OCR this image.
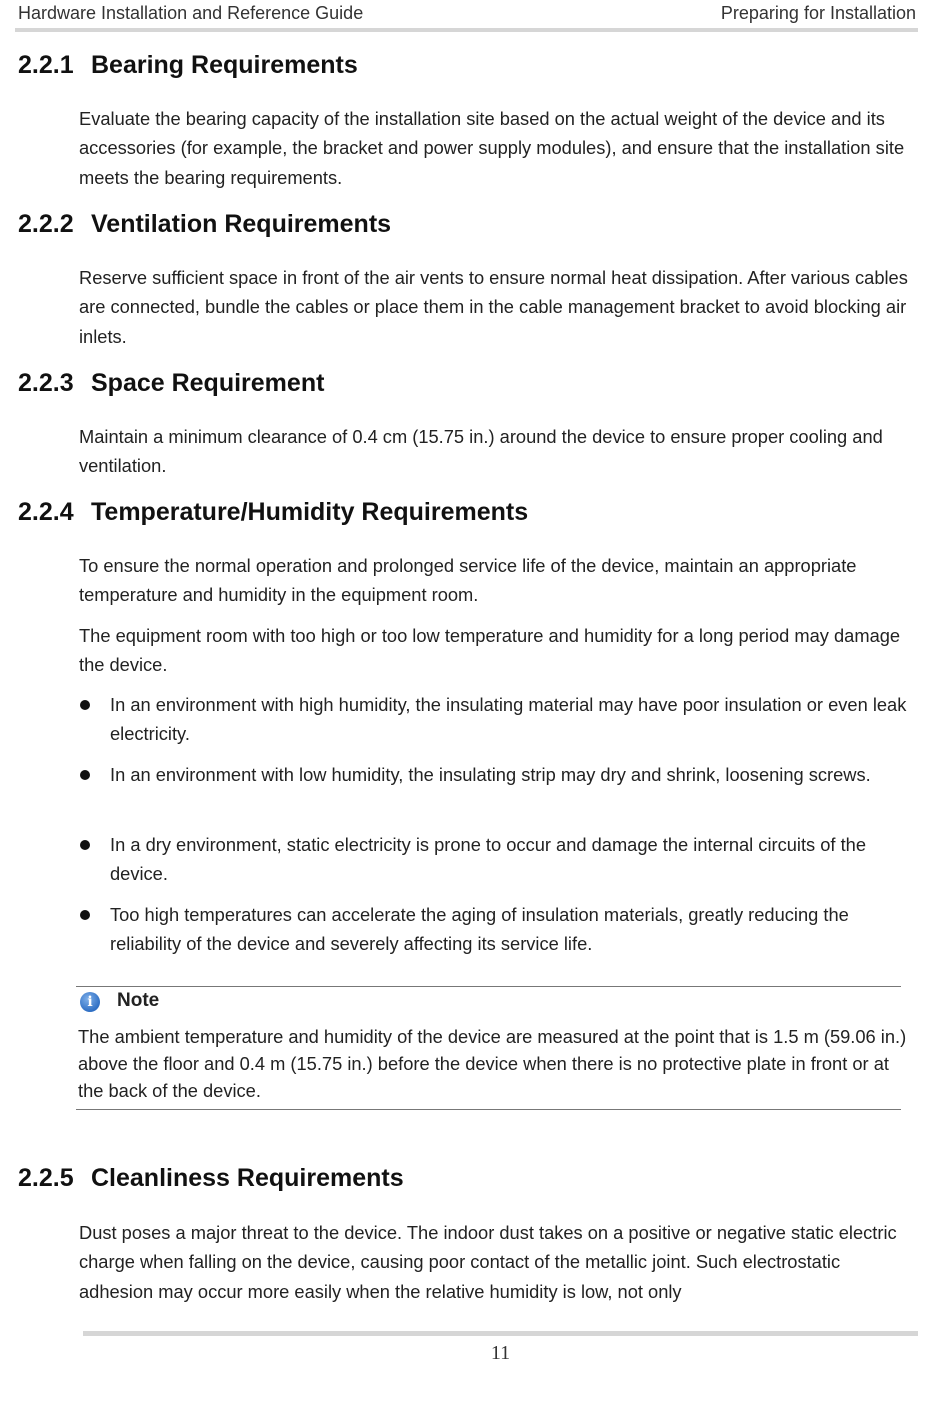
Hardware Installation and Reference Guide	Preparing for Installation
2.2.1 Bearing Requirements

Evaluate the bearing capacity of the installation site based on the actual weight of the device and its accessories (for example, the bracket and power supply modules), and ensure that the installation site meets the bearing requirements.

2.2.2 Ventilation Requirements

Reserve sufficient space in front of the air vents to ensure normal heat dissipation. After various cables are connected, bundle the cables or place them in the cable management bracket to avoid blocking air inlets.

2.2.3 Space Requirement

Maintain a minimum clearance of 0.4 cm (15.75 in.) around the device to ensure proper cooling and ventilation.

2.2.4 Temperature/Humidity Requirements

To ensure the normal operation and prolonged service life of the device, maintain an appropriate temperature and humidity in the equipment room.

The equipment room with too high or too low temperature and humidity for a long period may damage the device.

In an environment with high humidity, the insulating material may have poor insulation or even leak electricity.

In an environment with low humidity, the insulating strip may dry and shrink, loosening screws.

In a dry environment, static electricity is prone to occur and damage the internal circuits of the device.

Too high temperatures can accelerate the aging of insulation materials, greatly reducing the reliability of the device and severely affecting its service life.

i	Note

The ambient temperature and humidity of the device are measured at the point that is 1.5 m (59.06 in.) above the floor and 0.4 m (15.75 in.) before the device when there is no protective plate in front or at the back of the device.

2.2.5 Cleanliness Requirements

Dust poses a major threat to the device. The indoor dust takes on a positive or negative static electric charge when falling on the device, causing poor contact of the metallic joint. Such electrostatic adhesion may occur more easily when the relative humidity is low, not only

11
